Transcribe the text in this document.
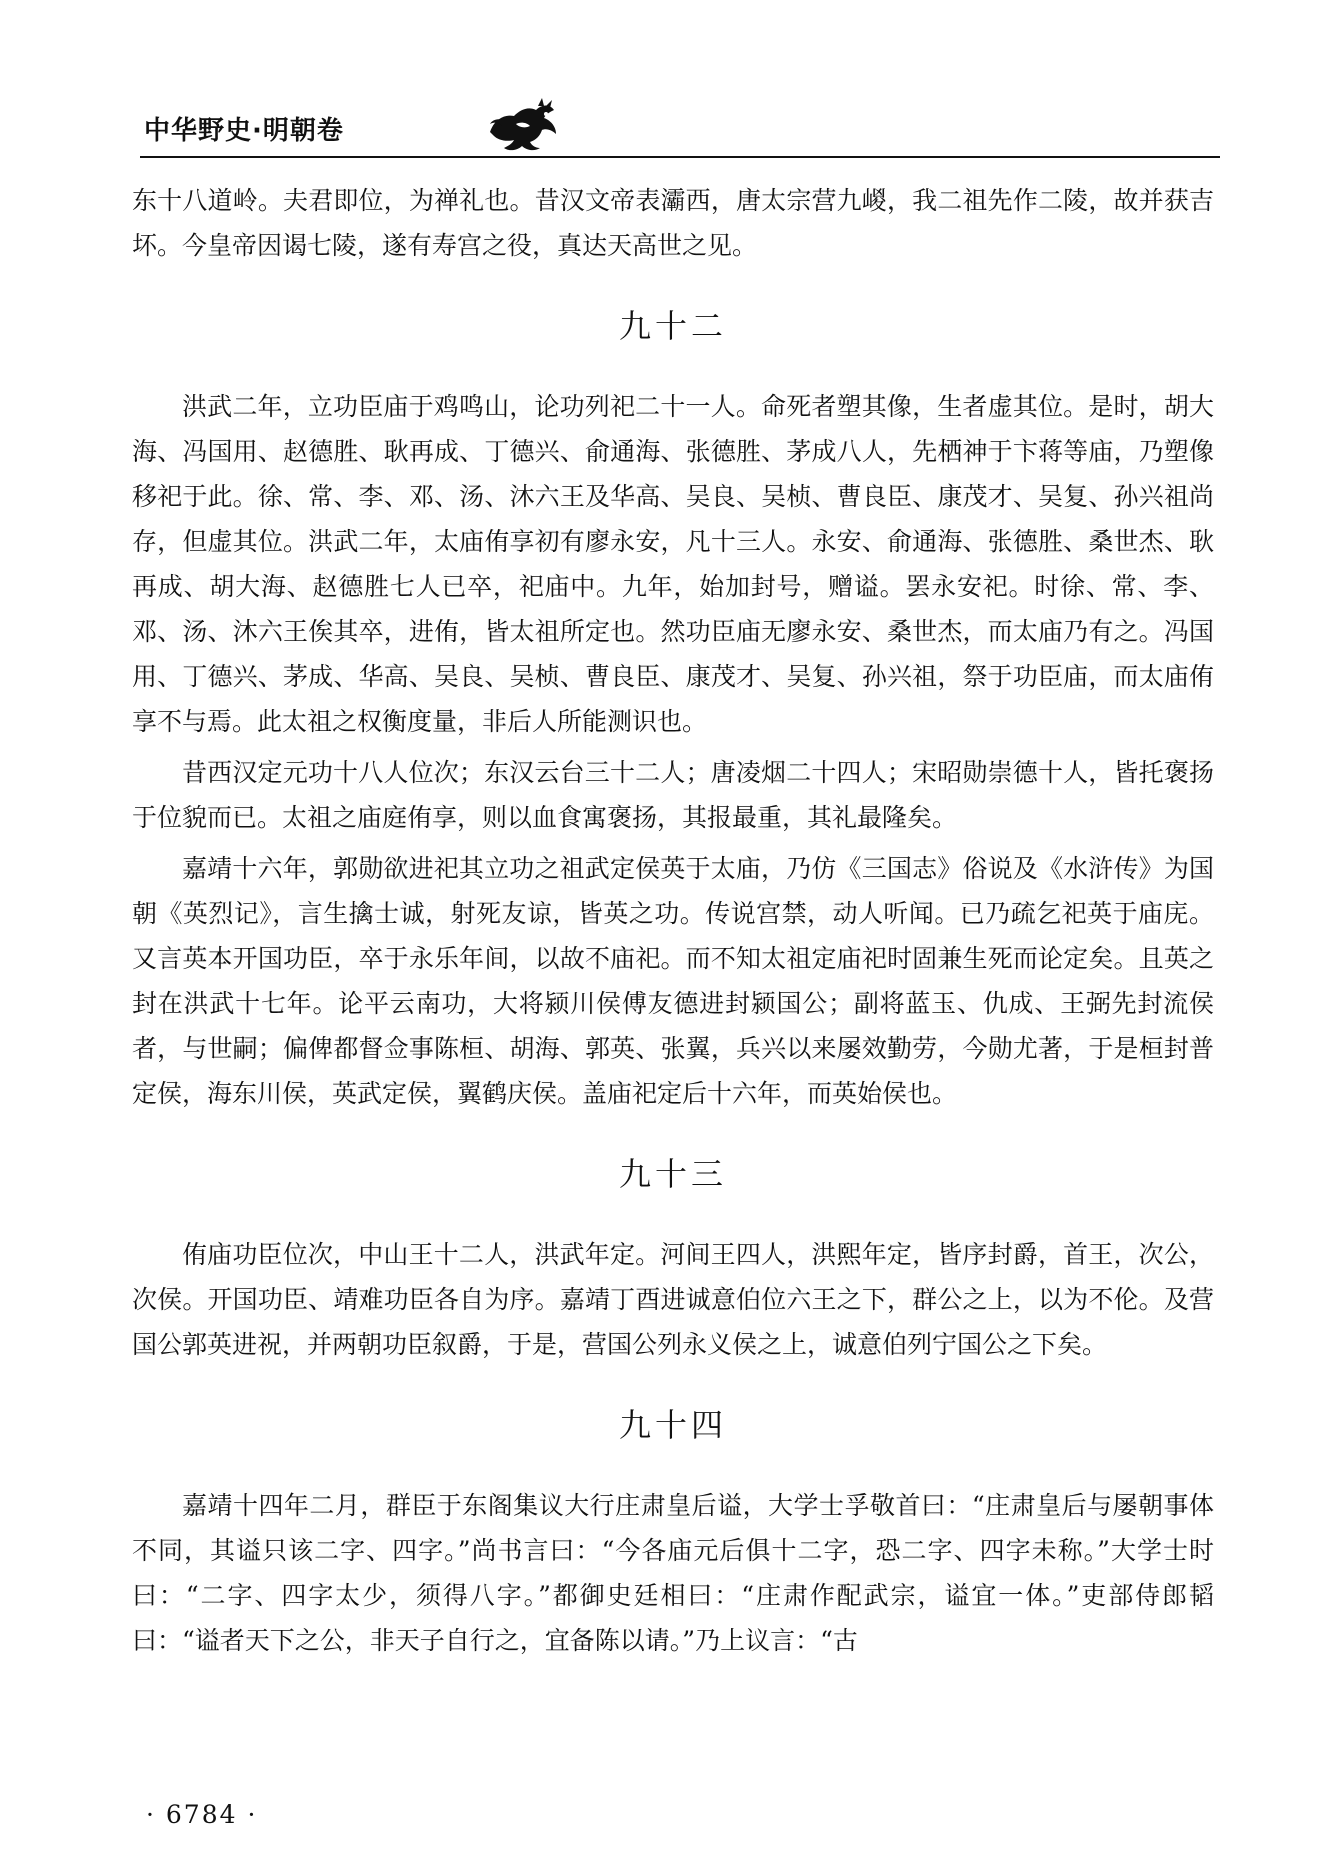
中华野史·明朝卷

东十八道岭。夫君即位，为禅礼也。昔汉文帝表灞西，唐太宗营九嵕，我二祖先作二陵，故并获吉坏。今皇帝因谒七陵，遂有寿宫之役，真达天高世之见。

九十二

洪武二年，立功臣庙于鸡鸣山，论功列祀二十一人。命死者塑其像，生者虚其位。是时，胡大海、冯国用、赵德胜、耿再成、丁德兴、俞通海、张德胜、茅成八人，先栖神于卞蒋等庙，乃塑像移祀于此。徐、常、李、邓、汤、沐六王及华高、吴良、吴桢、曹良臣、康茂才、吴复、孙兴祖尚存，但虚其位。洪武二年，太庙侑享初有廖永安，凡十三人。永安、俞通海、张德胜、桑世杰、耿再成、胡大海、赵德胜七人已卒，祀庙中。九年，始加封号，赠谥。罢永安祀。时徐、常、李、邓、汤、沐六王俟其卒，进侑，皆太祖所定也。然功臣庙无廖永安、桑世杰，而太庙乃有之。冯国用、丁德兴、茅成、华高、吴良、吴桢、曹良臣、康茂才、吴复、孙兴祖，祭于功臣庙，而太庙侑享不与焉。此太祖之权衡度量，非后人所能测识也。

昔西汉定元功十八人位次；东汉云台三十二人；唐凌烟二十四人；宋昭勋崇德十人，皆托褒扬于位貌而已。太祖之庙庭侑享，则以血食寓褒扬，其报最重，其礼最隆矣。

嘉靖十六年，郭勋欲进祀其立功之祖武定侯英于太庙，乃仿《三国志》俗说及《水浒传》为国朝《英烈记》，言生擒士诚，射死友谅，皆英之功。传说宫禁，动人听闻。已乃疏乞祀英于庙庑。又言英本开国功臣，卒于永乐年间，以故不庙祀。而不知太祖定庙祀时固兼生死而论定矣。且英之封在洪武十七年。论平云南功，大将颍川侯傅友德进封颍国公；副将蓝玉、仇成、王弼先封流侯者，与世嗣；偏俾都督佥事陈桓、胡海、郭英、张翼，兵兴以来屡效勤劳，今勋尤著，于是桓封普定侯，海东川侯，英武定侯，翼鹤庆侯。盖庙祀定后十六年，而英始侯也。

九十三

侑庙功臣位次，中山王十二人，洪武年定。河间王四人，洪熙年定，皆序封爵，首王，次公，次侯。开国功臣、靖难功臣各自为序。嘉靖丁酉进诚意伯位六王之下，群公之上，以为不伦。及营国公郭英进祝，并两朝功臣叙爵，于是，营国公列永义侯之上，诚意伯列宁国公之下矣。

九十四

嘉靖十四年二月，群臣于东阁集议大行庄肃皇后谥，大学士孚敬首曰：“庄肃皇后与屡朝事体不同，其谥只该二字、四字。”尚书言曰：“今各庙元后俱十二字，恐二字、四字未称。”大学士时曰：“二字、四字太少，须得八字。”都御史廷相曰：“庄肃作配武宗，谥宜一体。”吏部侍郎韬曰：“谥者天下之公，非天子自行之，宜备陈以请。”乃上议言：“古

· 6784 ·
